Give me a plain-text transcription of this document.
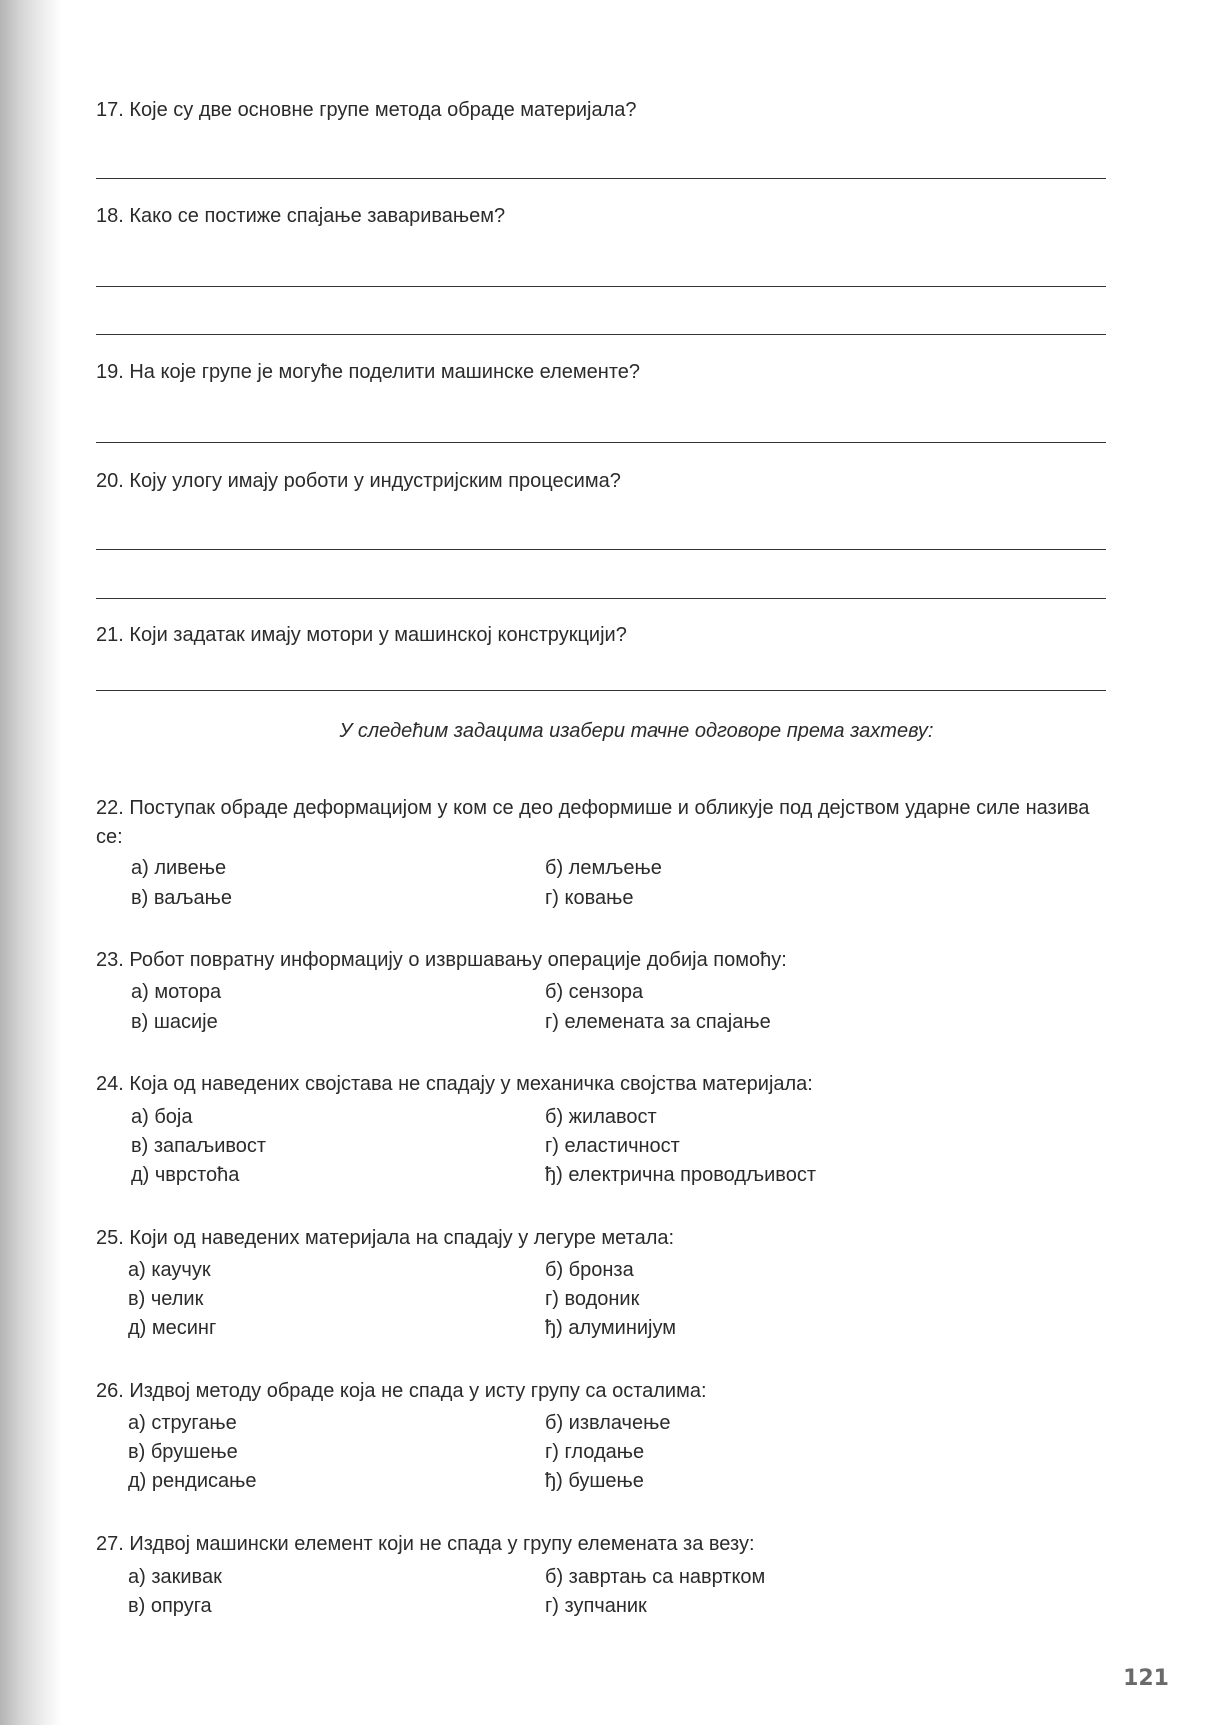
17. Које су две основне групе метода обраде материјала?

18. Како се постиже спајање заваривањем?

19. На које групе је могуће поделити машинске елементе?

20. Коју улогу имају роботи у индустријским процесима?

21. Који задатак имају мотори у машинској конструкцији?

У следећим задацима изабери тачне одговоре према захтеву:

22. Поступак обраде деформацијом у ком се део деформише и обликује под дејством ударне силе назива се:

а) ливење	б) лемљење
в) ваљање	г) ковање

23. Робот повратну информацију о извршавању операције добија помоћу:

а) мотора	б) сензора
в) шасије	г) елемената за спајање

24. Која од наведених својстава не спадају у механичка својства материјала:

а) боја	б) жилавост
в) запаљивост	г) еластичност
д) чврстоћа	ђ) електрична проводљивост

25. Који од наведених материјала на спадају у легуре метала:

а) каучук	б) бронза
в) челик	г) водоник
д) месинг	ђ) алуминијум

26. Издвој методу обраде која не спада у исту групу са осталима:

а) стругање	б) извлачење
в) брушење	г) глодање
д) рендисање	ђ) бушење

27. Издвој машински елемент који не спада у групу елемената за везу:

а) закивак	б) завртањ са навртком
в) опруга	г) зупчаник
121
